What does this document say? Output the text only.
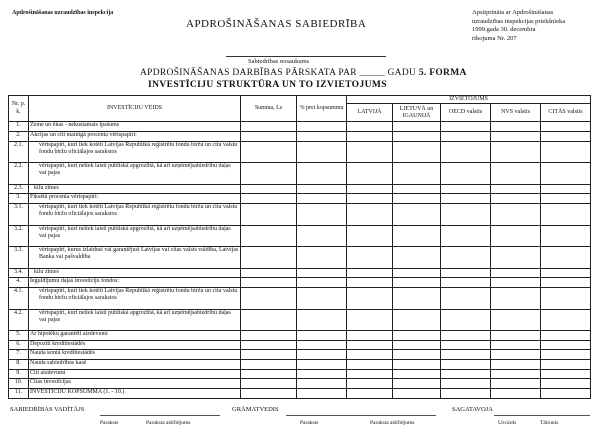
Apdrošināšanas uzraudzības inspekcija
APDROŠINĀŠANAS SABIEDRĪBA
Apstiprināta ar Apdrošināšanas
uzraudzības inspekcijas priekšnieka
1999.gada 30. decembra
rīkojuma Nr. 207
Sabiedrības nosaukums
APDROŠINĀŠANAS DARBĪBAS PĀRSKATA PAR _____ GADU 5. FORMA
INVESTĪCIJU STRUKTŪRA UN TO IZVIETOJUMS
Nr. p. k.	INVESTĪCIJU VEIDS	Summa, Ls	% pret kopsummu	IZVIETOJUMS				
				LATVIJĀ	LIETUVĀ un IGAUNIJĀ	OECD valstīs	NVS valstīs	CITĀS valstīs
1.	Zeme un ēkas - nekustamais īpašums							
2.	Akcijas un citi mainīgā procenta vērtspapīri:							
2.1.	vērtspapīri, kuri tiek kotēti Latvijas Republikā reģistrētu fondu biržu un citu valstu fondu biržu oficiālajos sarakstos							
2.2.	vērtspapīri, kuri netiek laisti publiskā apgrozībā, kā arī uzņēmējsabiedrību daļas vai pajas							
2.3.	kilu zīmes							
3.	Fiksētā procenta vērtspapīri:							
3.1.	vērtspapīri, kuri tiek kotēti Latvijas Republikā reģistrētu fondu biržu un citu valstu fondu biržu oficiālajos sarakstos							
3.2.	vērtspapīri, kuri netiek laisti publiskā apgrozībā, kā arī uzņēmējsabiedrību daļas vai pajas							
3.3.	vērtspapīri, kurus izlaidusi vai garantējusi Latvijas vai citas valsts valdība, Latvijas Banka vai pašvaldība							
3.4.	kilu zīmes							
4.	Ieguldījumu daļas investīciju fondos:							
4.1.	vērtspapīri, kuri tiek kotēti Latvijas Republikā reģistrētu fondu biržu un citu valstu fondu biržu oficiālajos sarakstos							
4.2.	vērtspapīri, kuri netiek laisti publiskā apgrozībā, kā arī uzņēmējsabiedrību daļas vai pajas							
5.	Ar hipotēku garantēti aizdevumi							
6.	Depozīti kredītiestādēs							
7.	Nauda kontā kredītiestādēs							
8.	Nauda sabiedrības kasē							
9.	Citi aizdevumi							
10.	Citas investīcijas							
11.	INVESTĪCIJU KOPSUMMA (1. - 10.)							
SABIEDRĪBAS VADĪTĀJS	GRĀMATVEDIS	SAGATAVOJA
Paraksts	Paraksta atšifrējums	Paraksts	Paraksta atšifrējums	Uzvārds	Tālrunis
